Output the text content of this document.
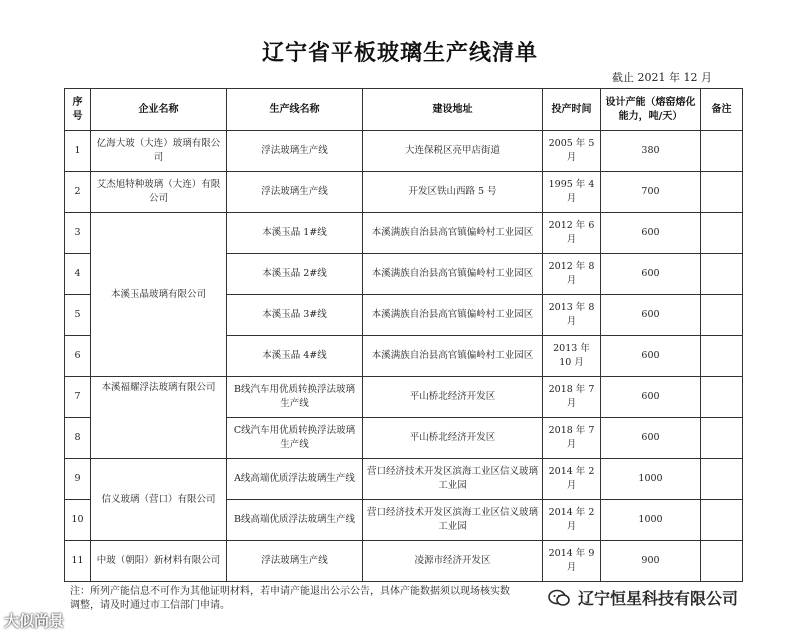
辽宁省平板玻璃生产线清单
截止 2021 年 12 月
序号	企业名称	生产线名称	建设地址	投产时间	设计产能（熔窑熔化能力，吨/天）	备注
1	亿海大玻（大连）玻璃有限公司	浮法玻璃生产线	大连保税区亮甲店街道	2005 年 5 月	380	
2	艾杰旭特种玻璃（大连）有限公司	浮法玻璃生产线	开发区铁山西路 5 号	1995 年 4 月	700	
3	本溪玉晶玻璃有限公司	本溪玉晶 1#线	本溪满族自治县高官镇偏岭村工业园区	2012 年 6 月	600	
4		本溪玉晶 2#线	本溪满族自治县高官镇偏岭村工业园区	2012 年 8 月	600	
5		本溪玉晶 3#线	本溪满族自治县高官镇偏岭村工业园区	2013 年 8 月	600	
6		本溪玉晶 4#线	本溪满族自治县高官镇偏岭村工业园区	2013 年 10 月	600	
7	本溪福耀浮法玻璃有限公司	B线汽车用优质转换浮法玻璃生产线	平山桥北经济开发区	2018 年 7 月	600	
8		C线汽车用优质转换浮法玻璃生产线	平山桥北经济开发区	2018 年 7 月	600	
9	信义玻璃（营口）有限公司	A线高端优质浮法玻璃生产线	营口经济技术开发区滨海工业区信义玻璃工业园	2014 年 2 月	1000	
10		B线高端优质浮法玻璃生产线	营口经济技术开发区滨海工业区信义玻璃工业园	2014 年 2 月	1000	
11	中玻（朝阳）新材料有限公司	浮法玻璃生产线	凌源市经济开发区	2014 年 9 月	900	
注：所列产能信息不可作为其他证明材料，若申请产能退出公示公告，具体产能数据须以现场核实数
调整，请及时通过市工信部门申请。
大似尚景
辽宁恒星科技有限公司
